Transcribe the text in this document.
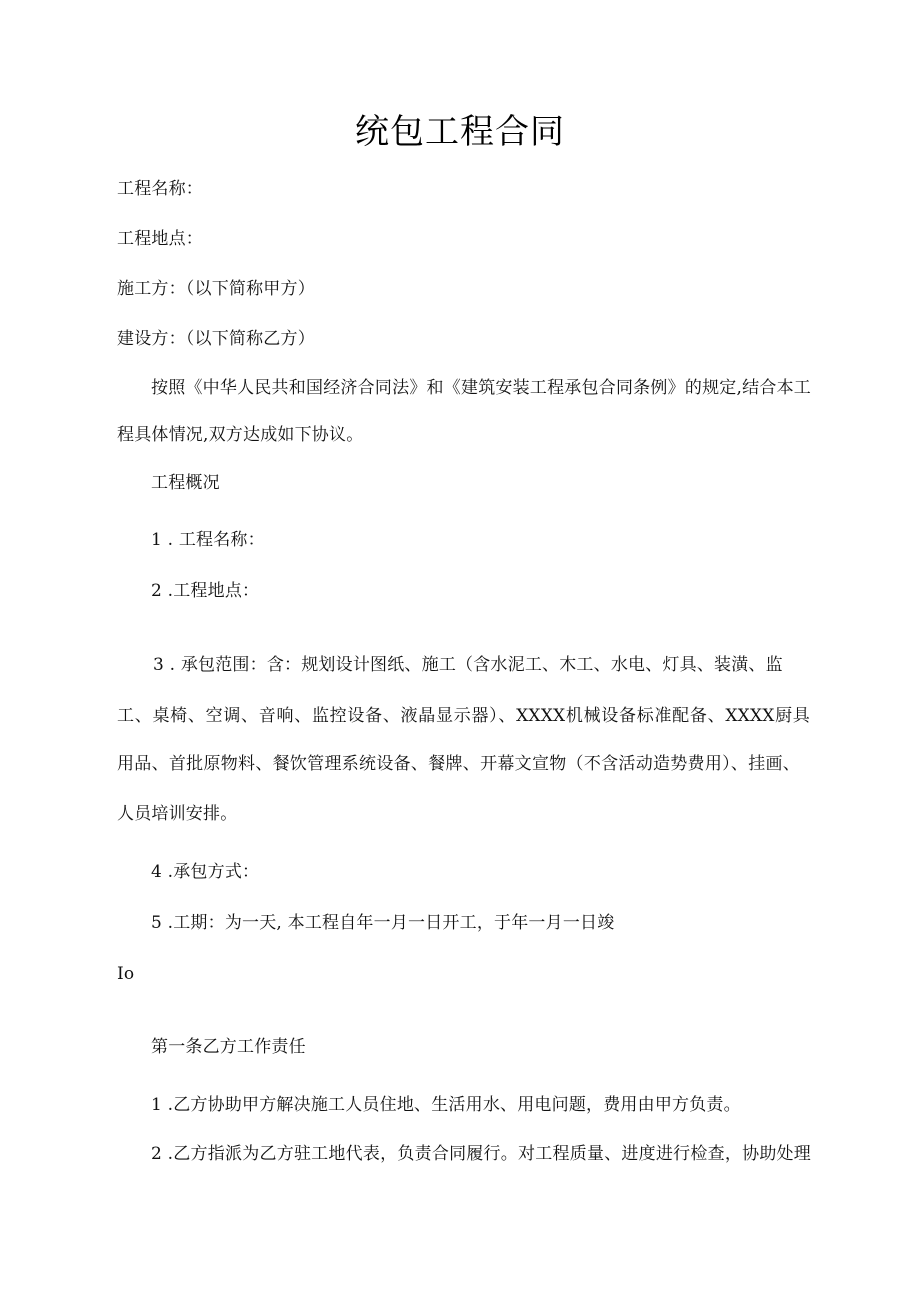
统包工程合同
工程名称：
工程地点：
施工方：（以下简称甲方）
建设方：（以下简称乙方）
按照《中华人民共和国经济合同法》和《建筑安装工程承包合同条例》的规定,结合本工
程具体情况,双方达成如下协议。
工程概况
1 . 工程名称：
2 .工程地点：
3 . 承包范围：含：规划设计图纸、施工（含水泥工、木工、水电、灯具、装潢、监
工、桌椅、空调、音响、监控设备、液晶显示器）、XXXX机械设备标准配备、XXXX厨具
用品、首批原物料、餐饮管理系统设备、餐牌、开幕文宣物（不含活动造势费用）、挂画、
人员培训安排。
4 .承包方式：
5 .工期：为一天, 本工程自年一月一日开工，于年一月一日竣
Io
第一条乙方工作责任
1 .乙方协助甲方解决施工人员住地、生活用水、用电问题，费用由甲方负责。
2 .乙方指派为乙方驻工地代表，负责合同履行。对工程质量、进度进行检查，协助处理
